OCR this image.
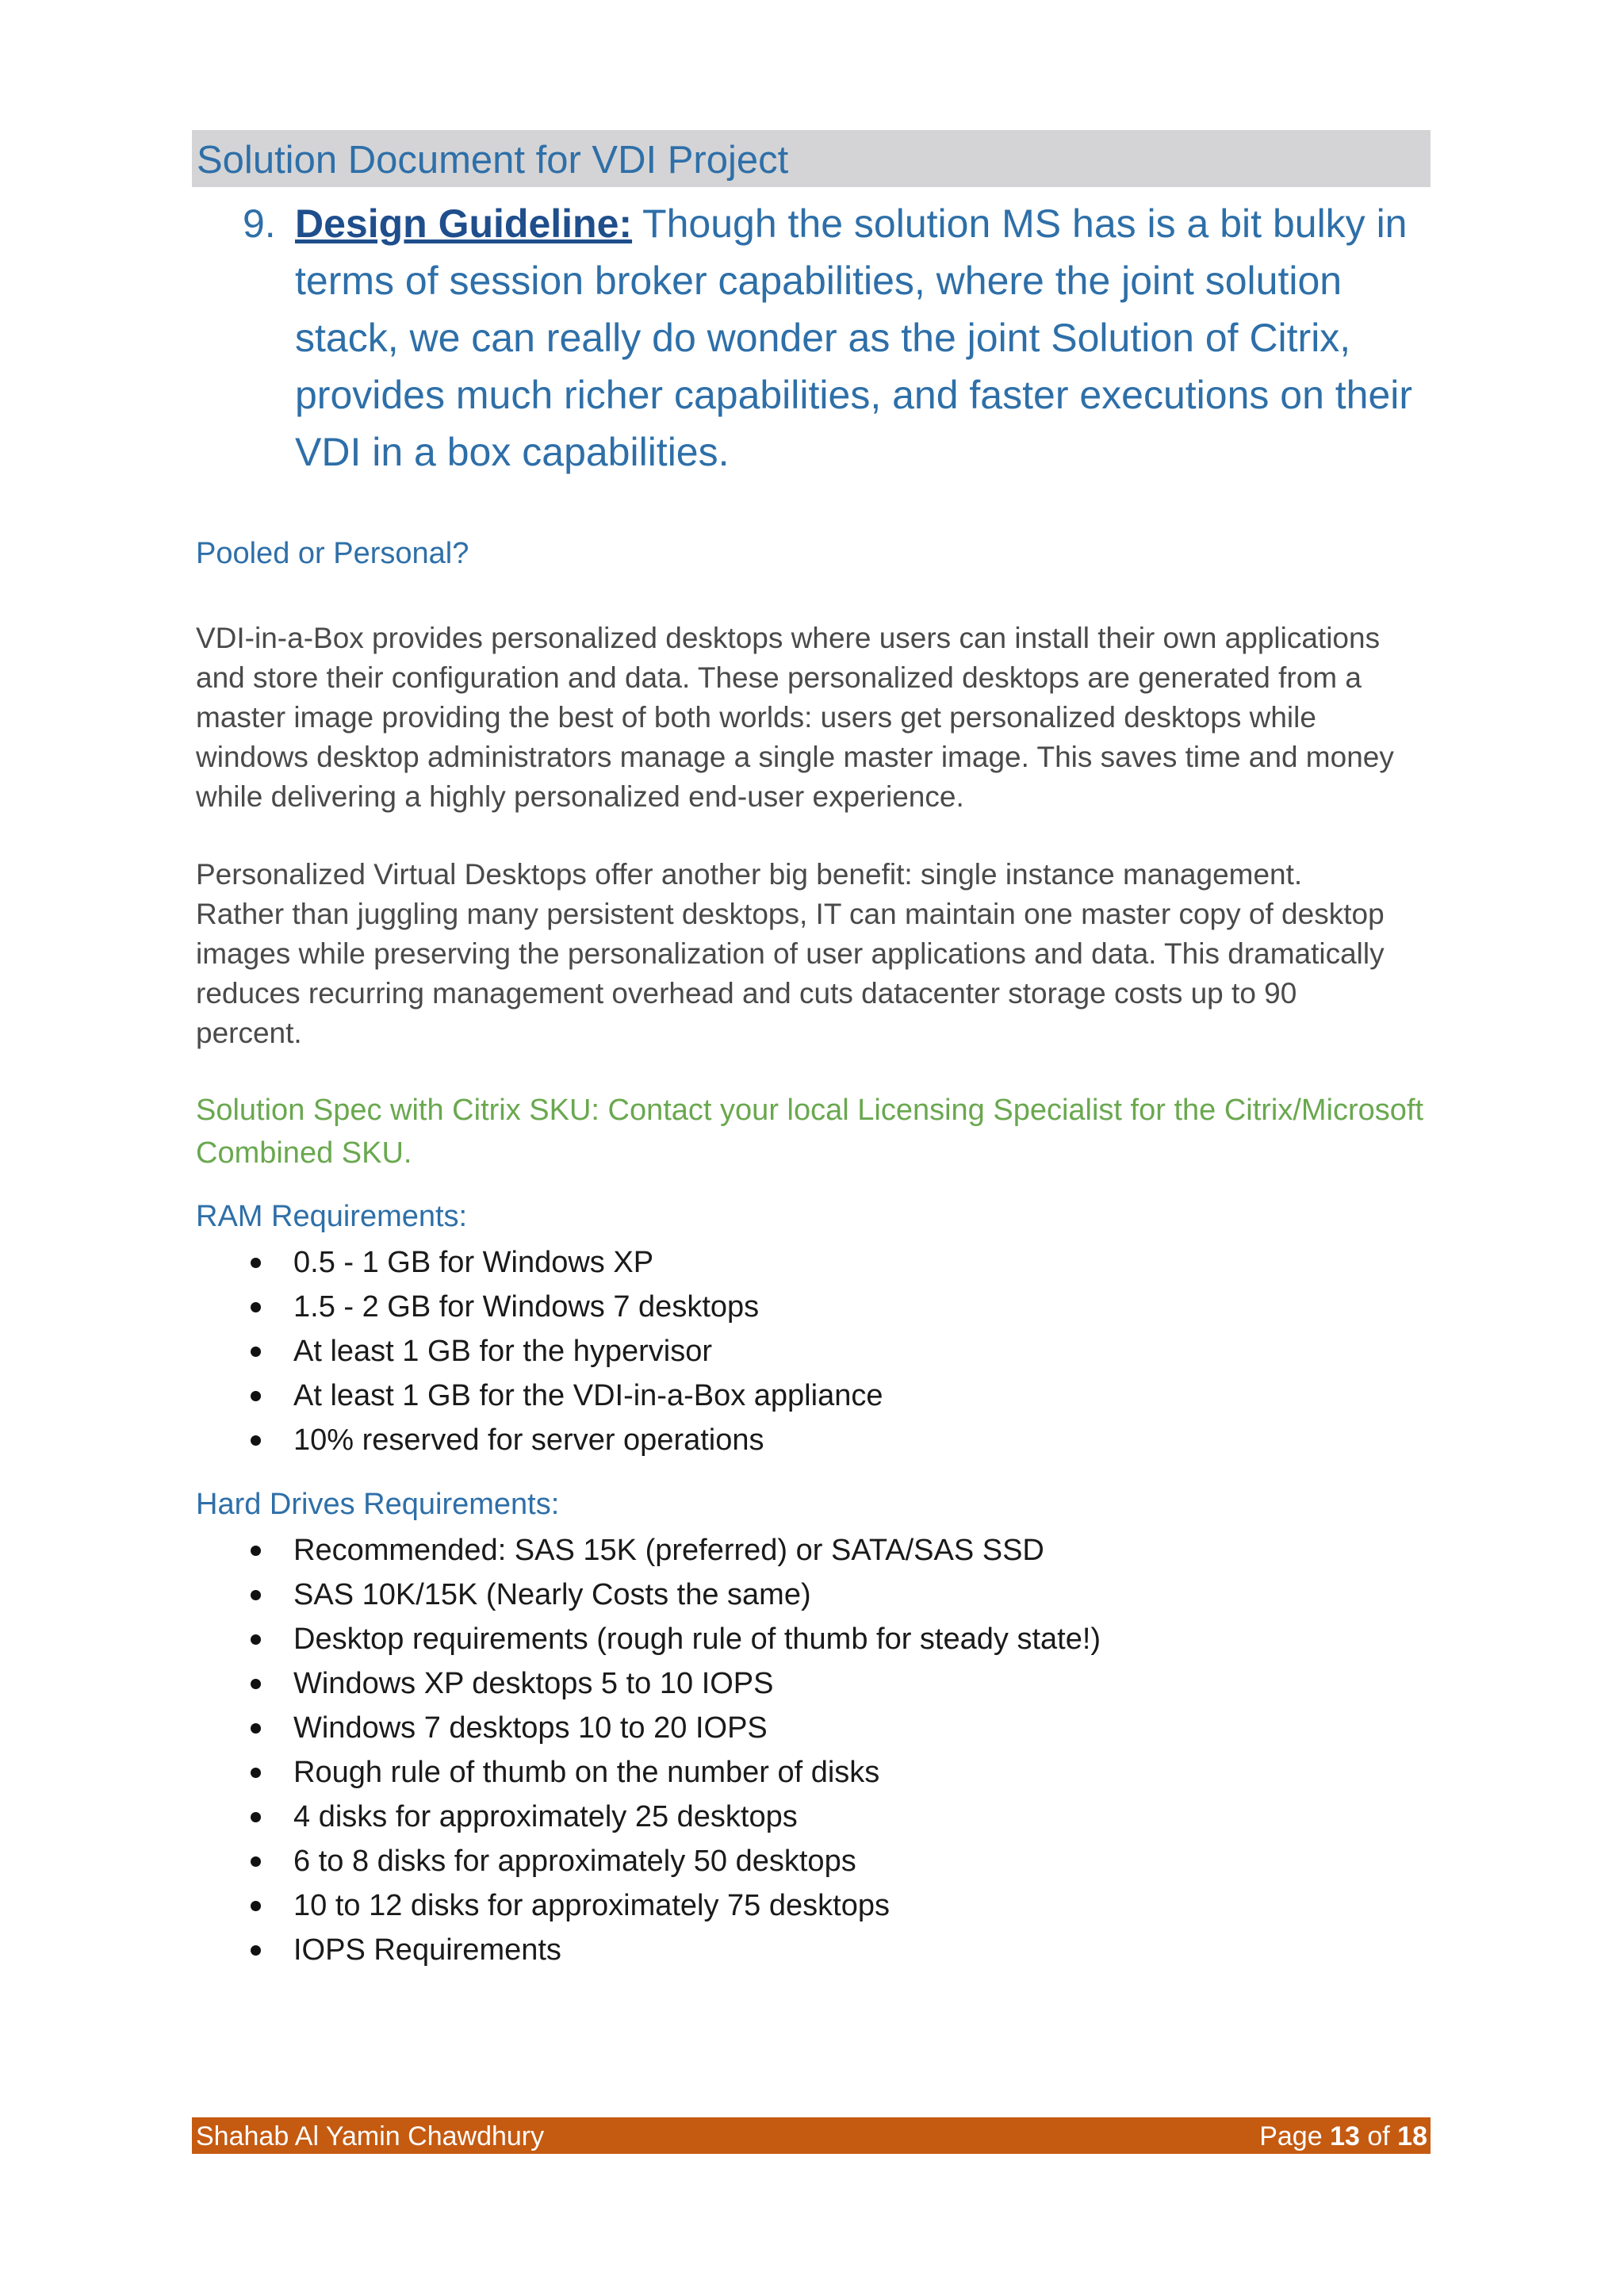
Solution Document for VDI Project
9. Design Guideline: Though the solution MS has is a bit bulky in
terms of session broker capabilities, where the joint solution
stack, we can really do wonder as the joint Solution of Citrix,
provides much richer capabilities, and faster executions on their
VDI in a box capabilities.
Pooled or Personal?
VDI-in-a-Box provides personalized desktops where users can install their own applications
and store their configuration and data. These personalized desktops are generated from a
master image providing the best of both worlds: users get personalized desktops while
windows desktop administrators manage a single master image. This saves time and money
while delivering a highly personalized end-user experience.
Personalized Virtual Desktops offer another big benefit: single instance management.
Rather than juggling many persistent desktops, IT can maintain one master copy of desktop
images while preserving the personalization of user applications and data. This dramatically
reduces recurring management overhead and cuts datacenter storage costs up to 90
percent.
Solution Spec with Citrix SKU: Contact your local Licensing Specialist for the Citrix/Microsoft
Combined SKU.
RAM Requirements:
0.5 - 1 GB for Windows XP
1.5 - 2 GB for Windows 7 desktops
At least 1 GB for the hypervisor
At least 1 GB for the VDI-in-a-Box appliance
10% reserved for server operations
Hard Drives Requirements:
Recommended: SAS 15K (preferred) or SATA/SAS SSD
SAS 10K/15K (Nearly Costs the same)
Desktop requirements (rough rule of thumb for steady state!)
Windows XP desktops 5 to 10 IOPS
Windows 7 desktops 10 to 20 IOPS
Rough rule of thumb on the number of disks
4 disks for approximately 25 desktops
6 to 8 disks for approximately 50 desktops
10 to 12 disks for approximately 75 desktops
IOPS Requirements
Shahab Al Yamin Chawdhury	Page 13 of 18
